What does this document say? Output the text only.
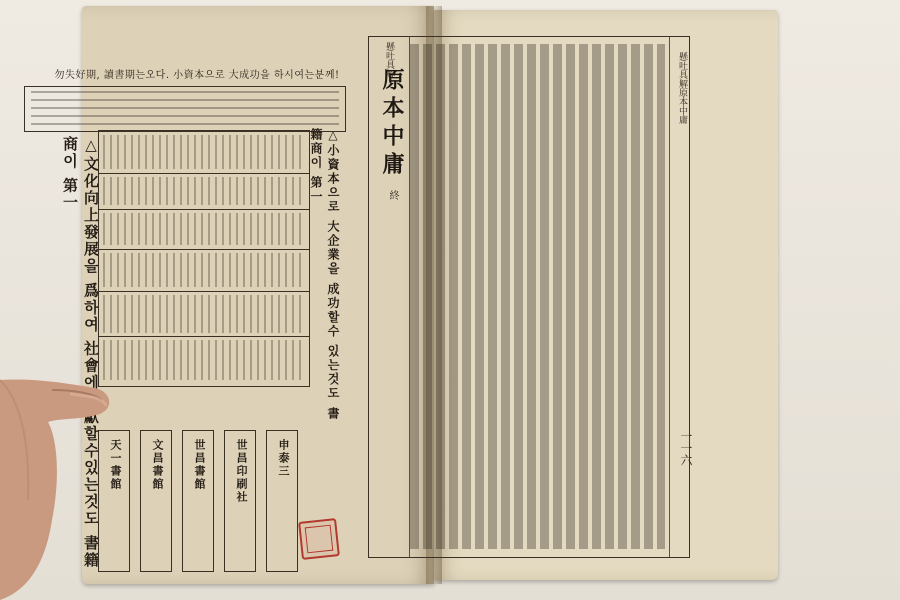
勿失好期, 讀書期는오다. 小資本으로 大成功을 하시여는분께!
△文化向上發展을 爲하여 社會에貢獻할수있는것도 書籍商이 第一	△小資本으로 大企業을 成功할수 있는것도 書籍商이 第一
天一書館	文昌書館	世昌書館	世昌印刷社	申泰三
懸吐具解
原本中庸
終
懸吐具解原本中庸
一一六
